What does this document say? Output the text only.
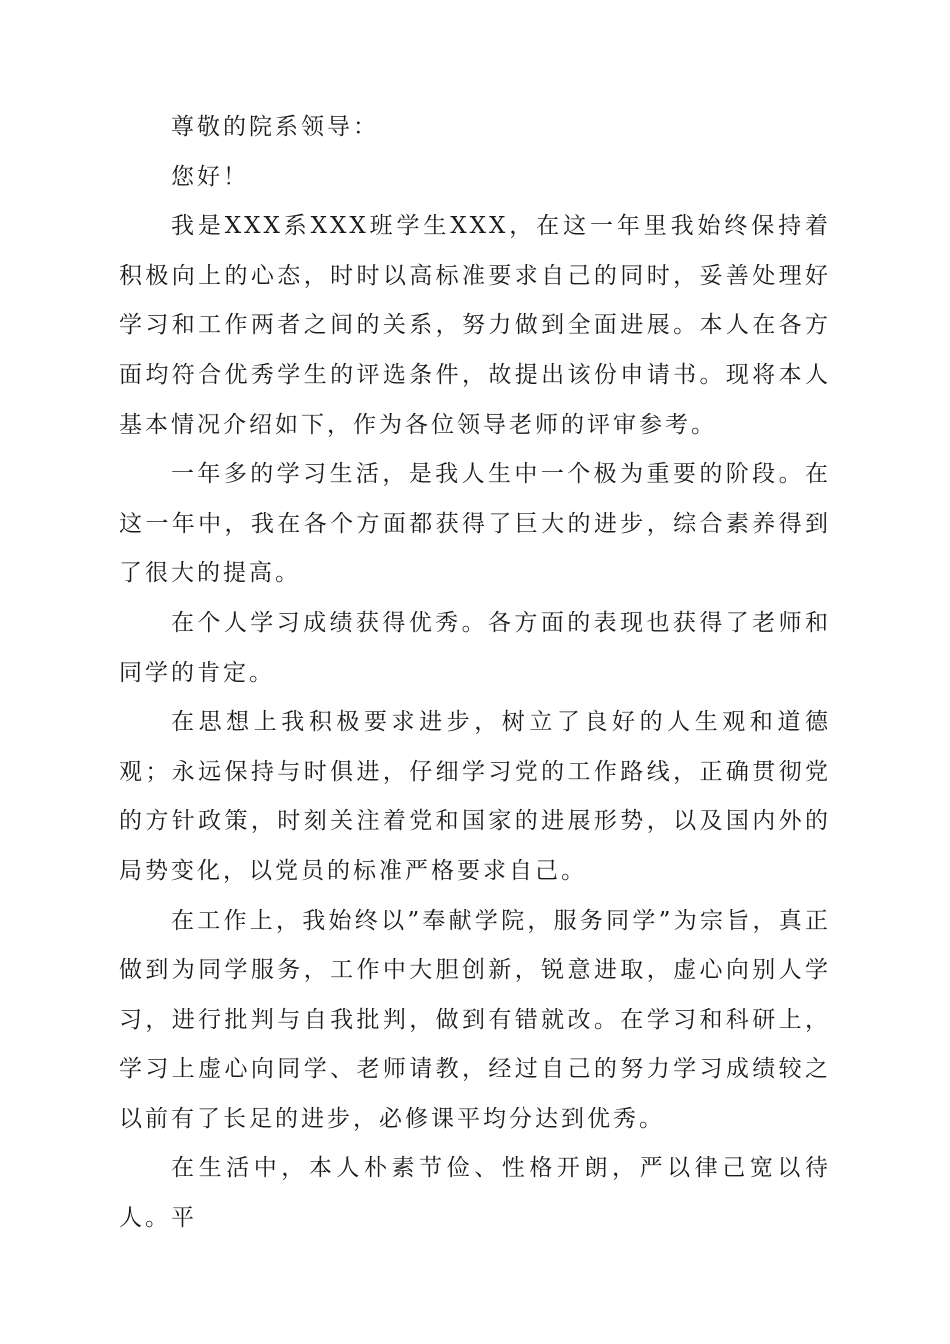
尊敬的院系领导：

您好！

我是XXX系XXX班学生XXX，在这一年里我始终保持着积极向上的心态，时时以高标准要求自己的同时，妥善处理好学习和工作两者之间的关系，努力做到全面进展。本人在各方面均符合优秀学生的评选条件，故提出该份申请书。现将本人基本情况介绍如下，作为各位领导老师的评审参考。

一年多的学习生活，是我人生中一个极为重要的阶段。在这一年中，我在各个方面都获得了巨大的进步，综合素养得到了很大的提高。

在个人学习成绩获得优秀。各方面的表现也获得了老师和同学的肯定。

在思想上我积极要求进步，树立了良好的人生观和道德观；永远保持与时俱进，仔细学习党的工作路线，正确贯彻党的方针政策，时刻关注着党和国家的进展形势，以及国内外的局势变化，以党员的标准严格要求自己。

在工作上，我始终以”奉献学院，服务同学”为宗旨，真正做到为同学服务，工作中大胆创新，锐意进取，虚心向别人学习，进行批判与自我批判，做到有错就改。在学习和科研上，学习上虚心向同学、老师请教，经过自己的努力学习成绩较之以前有了长足的进步，必修课平均分达到优秀。

在生活中，本人朴素节俭、性格开朗，严以律己宽以待人。平
